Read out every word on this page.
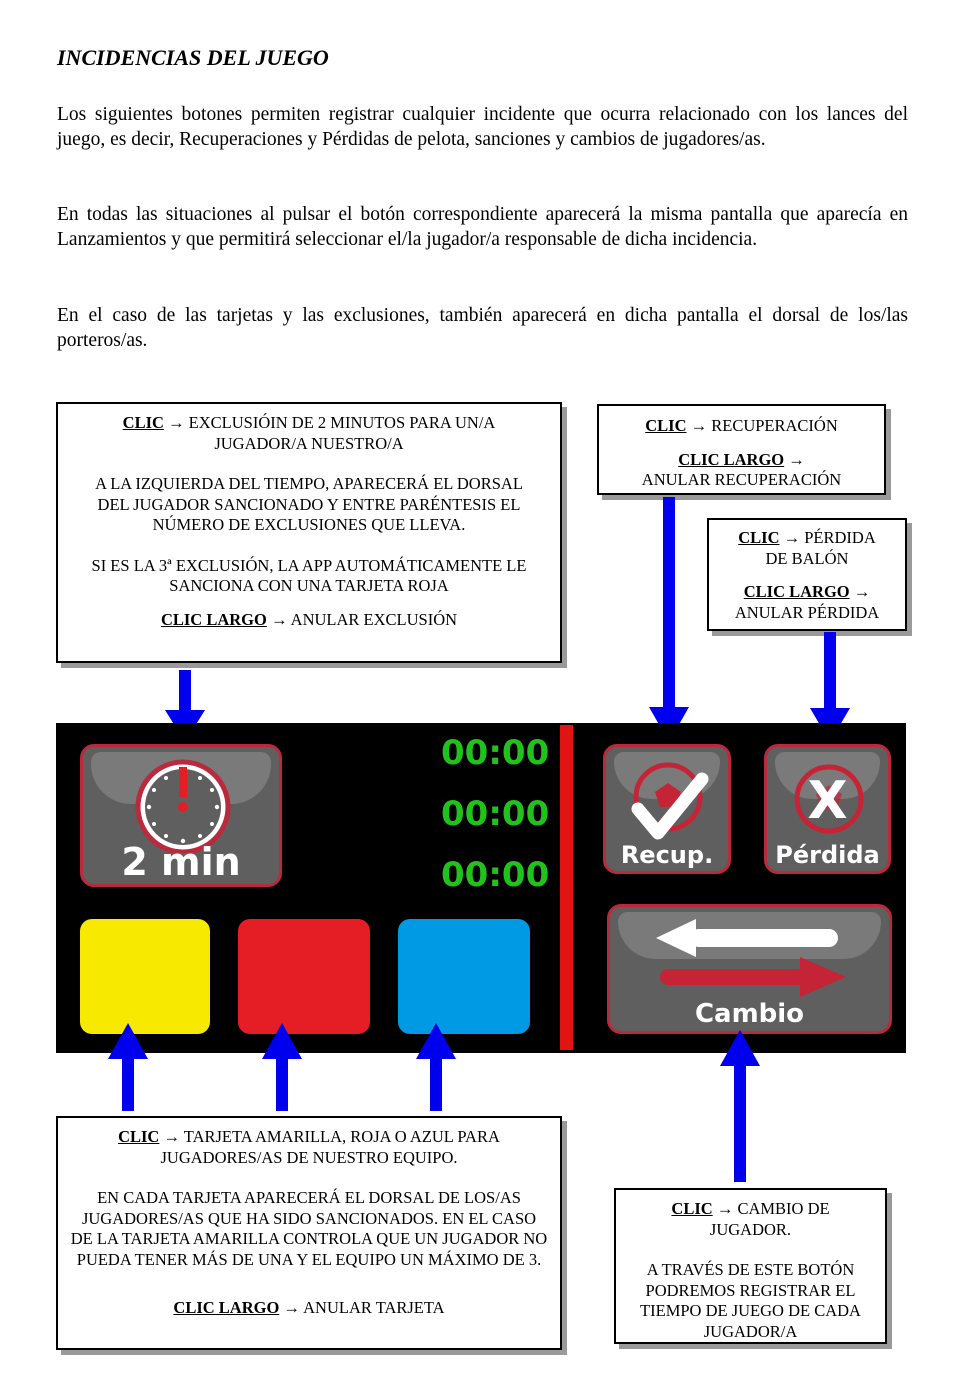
INCIDENCIAS DEL JUEGO

Los siguientes botones permiten registrar cualquier incidente que ocurra relacionado con los lances del juego, es decir, Recuperaciones y Pérdidas de pelota, sanciones y cambios de jugadores/as.

En todas las situaciones al pulsar el botón correspondiente aparecerá la misma pantalla que aparecía en Lanzamientos y que permitirá seleccionar el/la jugador/a responsable de dicha incidencia.

En el caso de las tarjetas y las exclusiones, también aparecerá en dicha pantalla el dorsal de los/las porteros/as.

CLIC → EXCLUSIÓIN DE 2 MINUTOS PARA UN/A JUGADOR/A NUESTRO/A

A LA IZQUIERDA DEL TIEMPO, APARECERÁ EL DORSAL DEL JUGADOR SANCIONADO Y ENTRE PARÉNTESIS EL NÚMERO DE EXCLUSIONES QUE LLEVA.

SI ES LA 3ª EXCLUSIÓN, LA APP AUTOMÁTICAMENTE LE SANCIONA CON UNA TARJETA ROJA

CLIC LARGO → ANULAR EXCLUSIÓN

CLIC → RECUPERACIÓN

CLIC LARGO →

ANULAR RECUPERACIÓN

CLIC → PÉRDIDA

DE BALÓN

CLIC LARGO →

ANULAR PÉRDIDA

2 min
00:00
00:00
00:00	Recup.
X
Pérdida
Cambio

CLIC → TARJETA AMARILLA, ROJA O AZUL PARA JUGADORES/AS DE NUESTRO EQUIPO.

EN CADA TARJETA APARECERÁ EL DORSAL DE LOS/AS JUGADORES/AS QUE HA SIDO SANCIONADOS. EN EL CASO DE LA TARJETA AMARILLA CONTROLA QUE UN JUGADOR NO PUEDA TENER MÁS DE UNA Y EL EQUIPO UN MÁXIMO DE 3.

CLIC LARGO → ANULAR TARJETA

CLIC → CAMBIO DE JUGADOR.

A TRAVÉS DE ESTE BOTÓN PODREMOS REGISTRAR EL TIEMPO DE JUEGO DE CADA JUGADOR/A
